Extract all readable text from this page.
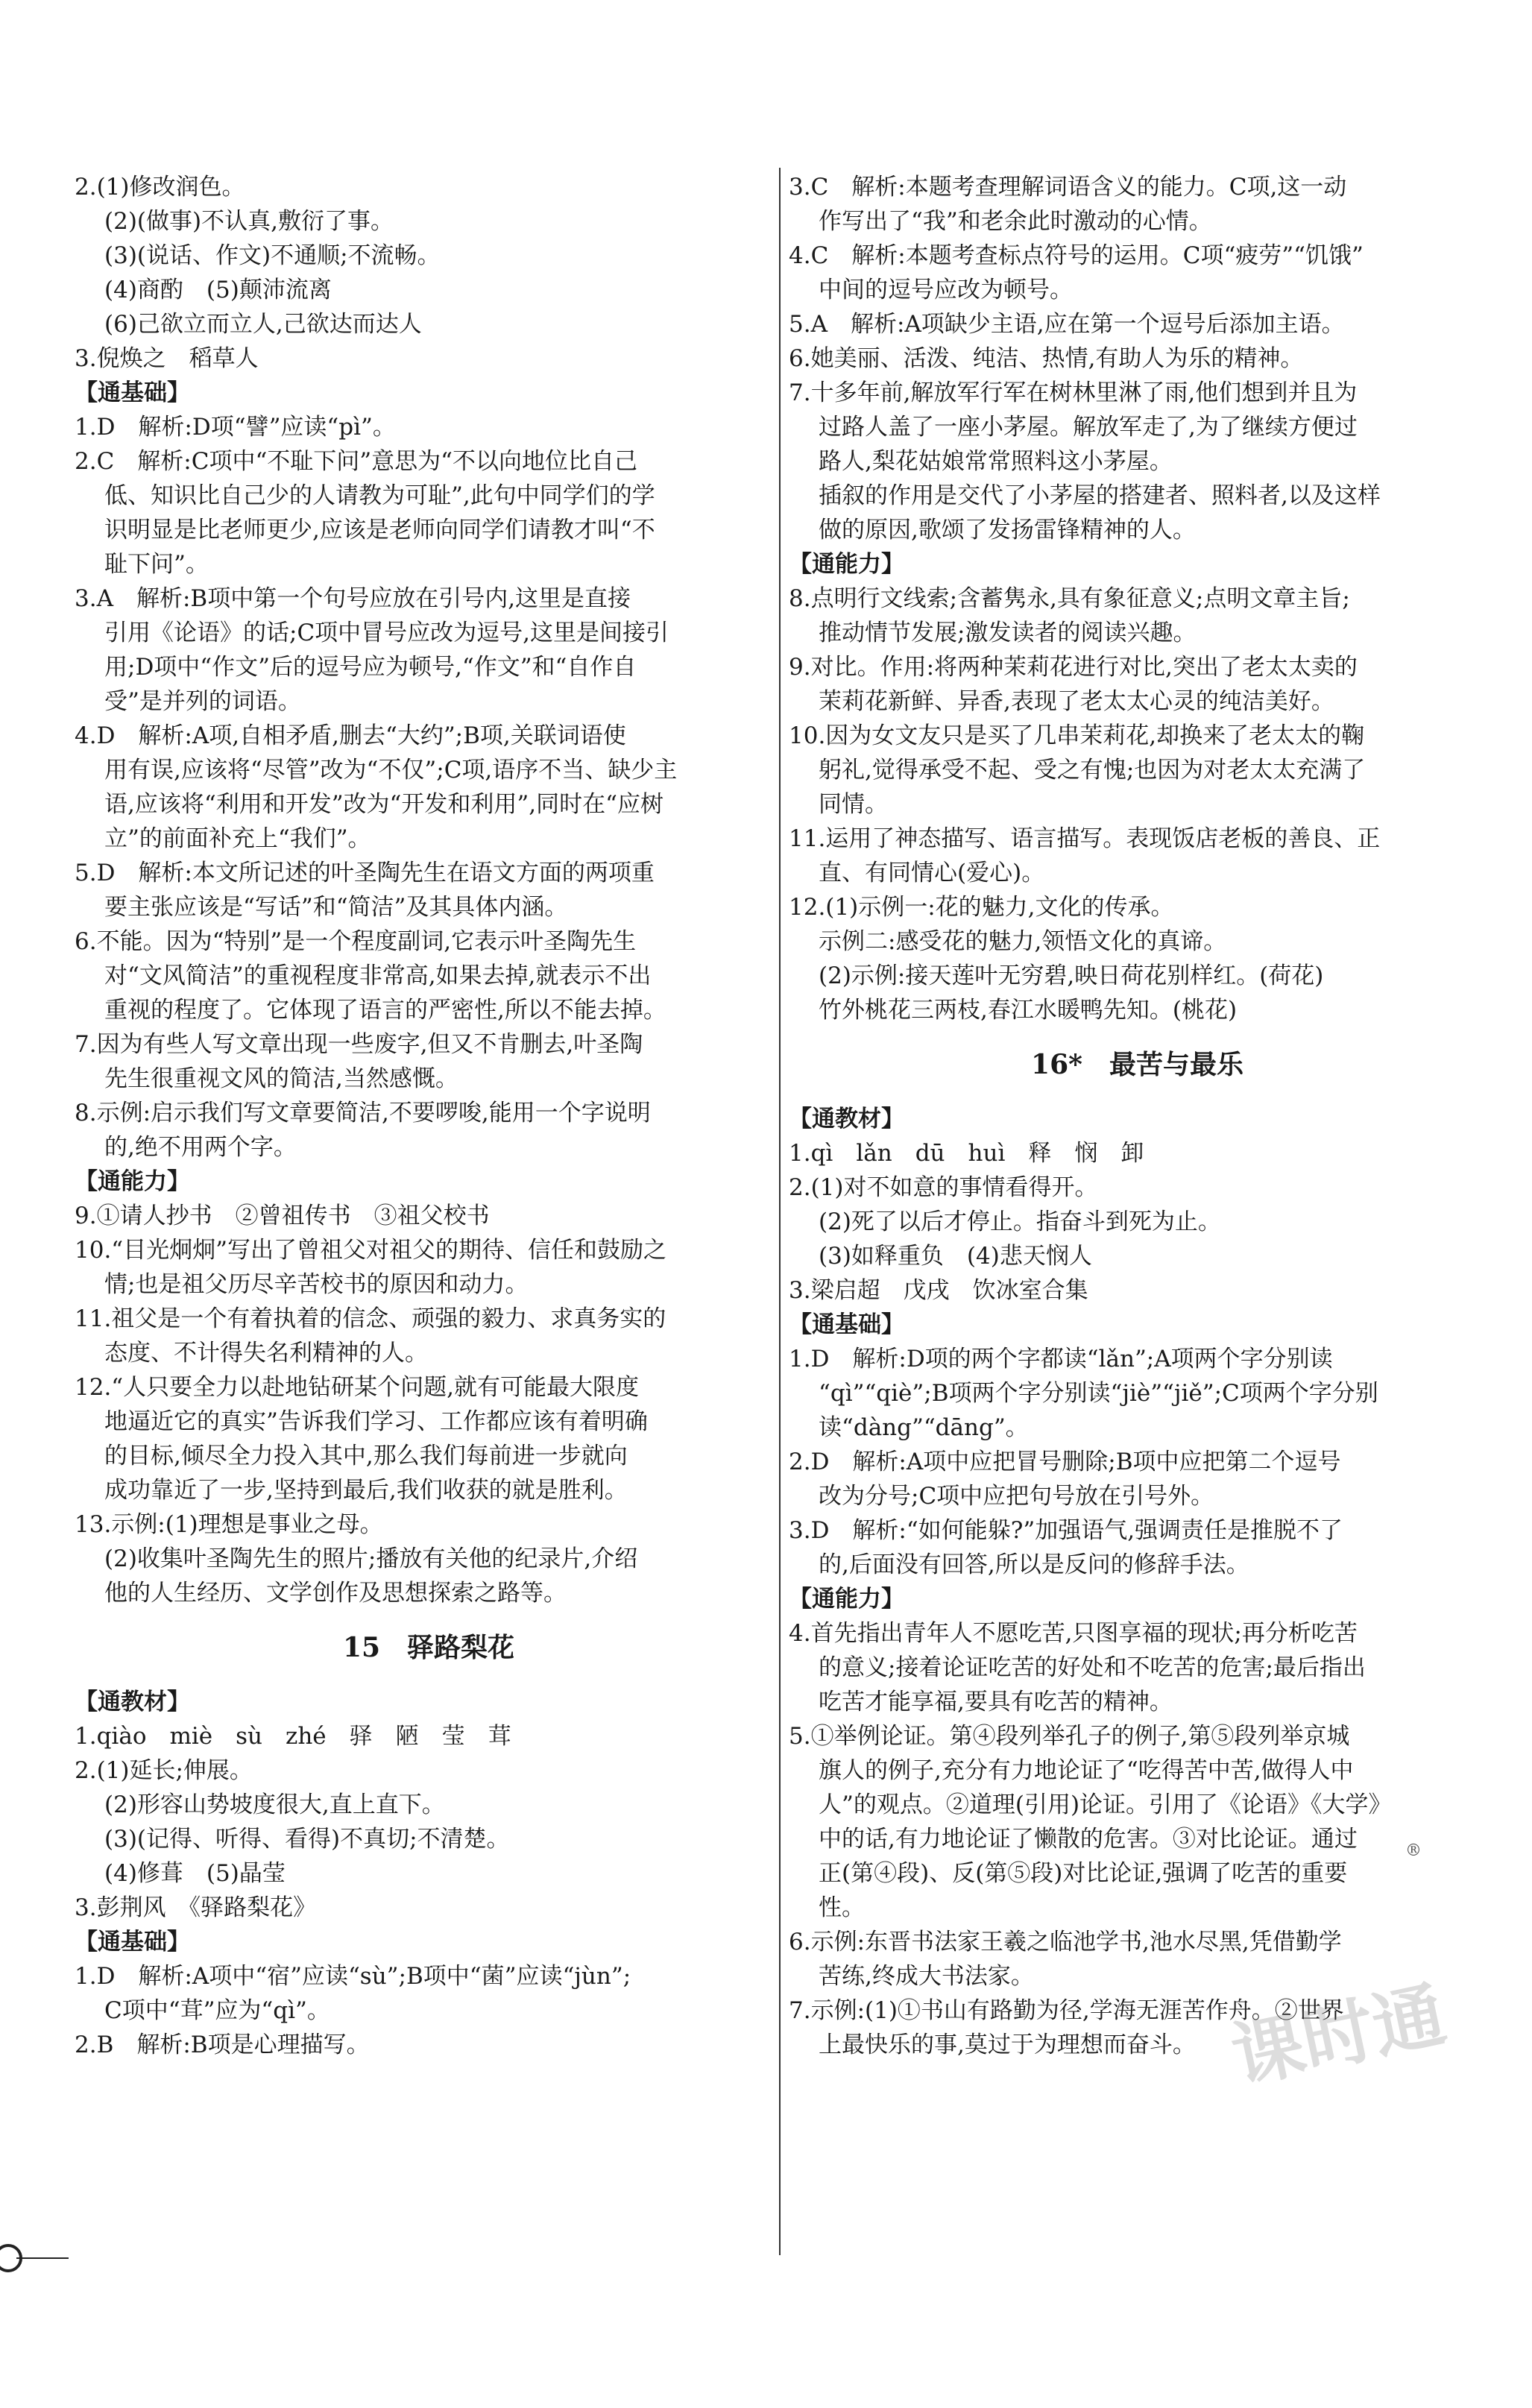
2.(1)修改润色。

(2)(做事)不认真,敷衍了事。

(3)(说话、作文)不通顺;不流畅。

(4)商酌　(5)颠沛流离

(6)己欲立而立人,己欲达而达人

3.倪焕之　稻草人

【通基础】

1.D　解析:D项“譬”应读“pì”。

2.C　解析:C项中“不耻下问”意思为“不以向地位比自己

低、知识比自己少的人请教为可耻”,此句中同学们的学

识明显是比老师更少,应该是老师向同学们请教才叫“不

耻下问”。

3.A　解析:B项中第一个句号应放在引号内,这里是直接

引用《论语》的话;C项中冒号应改为逗号,这里是间接引

用;D项中“作文”后的逗号应为顿号,“作文”和“自作自

受”是并列的词语。

4.D　解析:A项,自相矛盾,删去“大约”;B项,关联词语使

用有误,应该将“尽管”改为“不仅”;C项,语序不当、缺少主

语,应该将“利用和开发”改为“开发和利用”,同时在“应树

立”的前面补充上“我们”。

5.D　解析:本文所记述的叶圣陶先生在语文方面的两项重

要主张应该是“写话”和“简洁”及其具体内涵。

6.不能。因为“特别”是一个程度副词,它表示叶圣陶先生

对“文风简洁”的重视程度非常高,如果去掉,就表示不出

重视的程度了。它体现了语言的严密性,所以不能去掉。

7.因为有些人写文章出现一些废字,但又不肯删去,叶圣陶

先生很重视文风的简洁,当然感慨。

8.示例:启示我们写文章要简洁,不要啰唆,能用一个字说明

的,绝不用两个字。

【通能力】

9.①请人抄书　②曾祖传书　③祖父校书

10.“目光炯炯”写出了曾祖父对祖父的期待、信任和鼓励之

情;也是祖父历尽辛苦校书的原因和动力。

11.祖父是一个有着执着的信念、顽强的毅力、求真务实的

态度、不计得失名利精神的人。

12.“人只要全力以赴地钻研某个问题,就有可能最大限度

地逼近它的真实”告诉我们学习、工作都应该有着明确

的目标,倾尽全力投入其中,那么我们每前进一步就向

成功靠近了一步,坚持到最后,我们收获的就是胜利。

13.示例:(1)理想是事业之母。

(2)收集叶圣陶先生的照片;播放有关他的纪录片,介绍

他的人生经历、文学创作及思想探索之路等。

15　驿路梨花

【通教材】

1.qiào　miè　sù　zhé　驿　陋　莹　茸

2.(1)延长;伸展。

(2)形容山势坡度很大,直上直下。

(3)(记得、听得、看得)不真切;不清楚。

(4)修葺　(5)晶莹

3.彭荆风　《驿路梨花》

【通基础】

1.D　解析:A项中“宿”应读“sù”;B项中“菌”应读“jùn”;

C项中“茸”应为“qì”。

2.B　解析:B项是心理描写。

3.C　解析:本题考查理解词语含义的能力。C项,这一动

作写出了“我”和老余此时激动的心情。

4.C　解析:本题考查标点符号的运用。C项“疲劳”“饥饿”

中间的逗号应改为顿号。

5.A　解析:A项缺少主语,应在第一个逗号后添加主语。

6.她美丽、活泼、纯洁、热情,有助人为乐的精神。

7.十多年前,解放军行军在树林里淋了雨,他们想到并且为

过路人盖了一座小茅屋。解放军走了,为了继续方便过

路人,梨花姑娘常常照料这小茅屋。

插叙的作用是交代了小茅屋的搭建者、照料者,以及这样

做的原因,歌颂了发扬雷锋精神的人。

【通能力】

8.点明行文线索;含蓄隽永,具有象征意义;点明文章主旨;

推动情节发展;激发读者的阅读兴趣。

9.对比。作用:将两种茉莉花进行对比,突出了老太太卖的

茉莉花新鲜、异香,表现了老太太心灵的纯洁美好。

10.因为女文友只是买了几串茉莉花,却换来了老太太的鞠

躬礼,觉得承受不起、受之有愧;也因为对老太太充满了

同情。

11.运用了神态描写、语言描写。表现饭店老板的善良、正

直、有同情心(爱心)。

12.(1)示例一:花的魅力,文化的传承。

示例二:感受花的魅力,领悟文化的真谛。

(2)示例:接天莲叶无穷碧,映日荷花别样红。(荷花)

竹外桃花三两枝,春江水暖鸭先知。(桃花)

16*　最苦与最乐

【通教材】

1.qì　lǎn　dū　huì　释　悯　卸

2.(1)对不如意的事情看得开。

(2)死了以后才停止。指奋斗到死为止。

(3)如释重负　(4)悲天悯人

3.梁启超　戊戌　饮冰室合集

【通基础】

1.D　解析:D项的两个字都读“lǎn”;A项两个字分别读

“qì”“qiè”;B项两个字分别读“jiè”“jiě”;C项两个字分别

读“dàng”“dāng”。

2.D　解析:A项中应把冒号删除;B项中应把第二个逗号

改为分号;C项中应把句号放在引号外。

3.D　解析:“如何能躲?”加强语气,强调责任是推脱不了

的,后面没有回答,所以是反问的修辞手法。

【通能力】

4.首先指出青年人不愿吃苦,只图享福的现状;再分析吃苦

的意义;接着论证吃苦的好处和不吃苦的危害;最后指出

吃苦才能享福,要具有吃苦的精神。

5.①举例论证。第④段列举孔子的例子,第⑤段列举京城

旗人的例子,充分有力地论证了“吃得苦中苦,做得人中

人”的观点。②道理(引用)论证。引用了《论语》《大学》

中的话,有力地论证了懒散的危害。③对比论证。通过

正(第④段)、反(第⑤段)对比论证,强调了吃苦的重要

性。

6.示例:东晋书法家王羲之临池学书,池水尽黑,凭借勤学

苦练,终成大书法家。

7.示例:(1)①书山有路勤为径,学海无涯苦作舟。②世界

上最快乐的事,莫过于为理想而奋斗。

®
课时通
